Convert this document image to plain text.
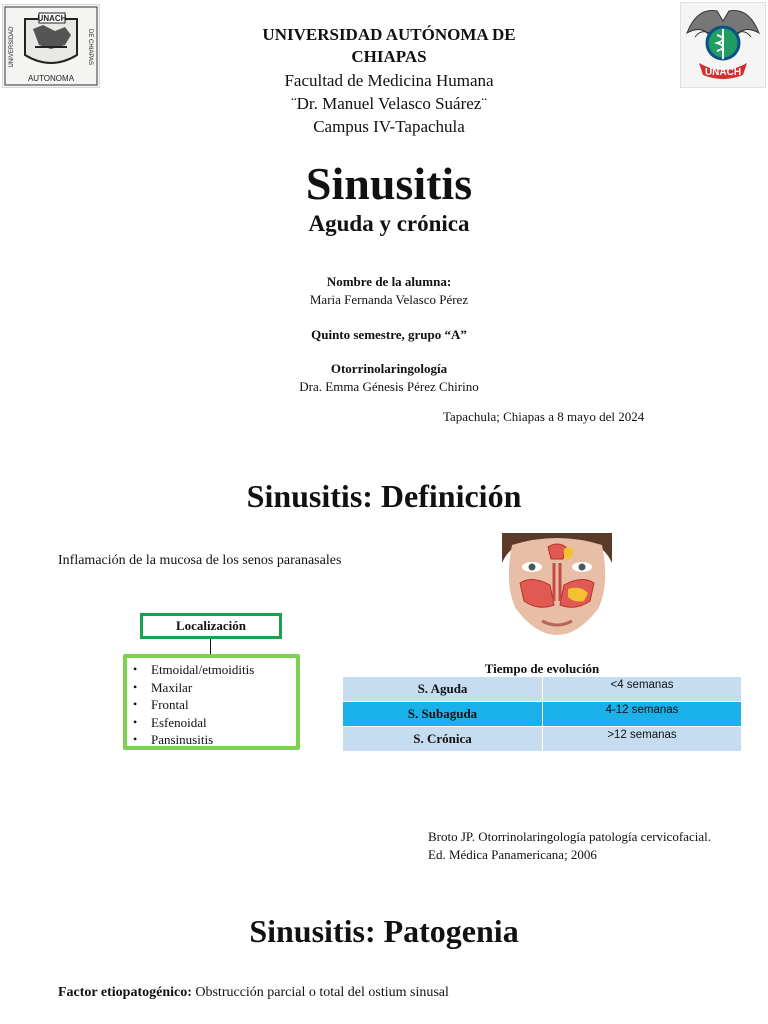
UNACH
UNIVERSIDAD	DE CHIAPAS
AUTONOMA
UNACH
UNIVERSIDAD AUTÓNOMA DE CHIAPAS
Facultad de Medicina Humana
¨Dr. Manuel Velasco Suárez¨
Campus IV-Tapachula
Sinusitis
Aguda y crónica
Nombre de la alumna:
Maria Fernanda Velasco Pérez
Quinto semestre, grupo “A”
Otorrinolaringología
Dra. Emma Génesis Pérez Chirino
Tapachula; Chiapas a 8 mayo del 2024
Sinusitis: Definición
Inflamación de la mucosa de los senos paranasales
Localización
• Etmoidal/etmoiditis
• Maxilar
• Frontal
• Esfenoidal
• Pansinusitis
Tiempo de evolución
S. Aguda	<4 semanas
S. Subaguda	4-12 semanas
S. Crónica	>12 semanas
Broto JP. Otorrinolaringología patología cervicofacial.
Ed. Médica Panamericana; 2006
Sinusitis: Patogenia
Factor etiopatogénico: Obstrucción parcial o total del ostium sinusal
